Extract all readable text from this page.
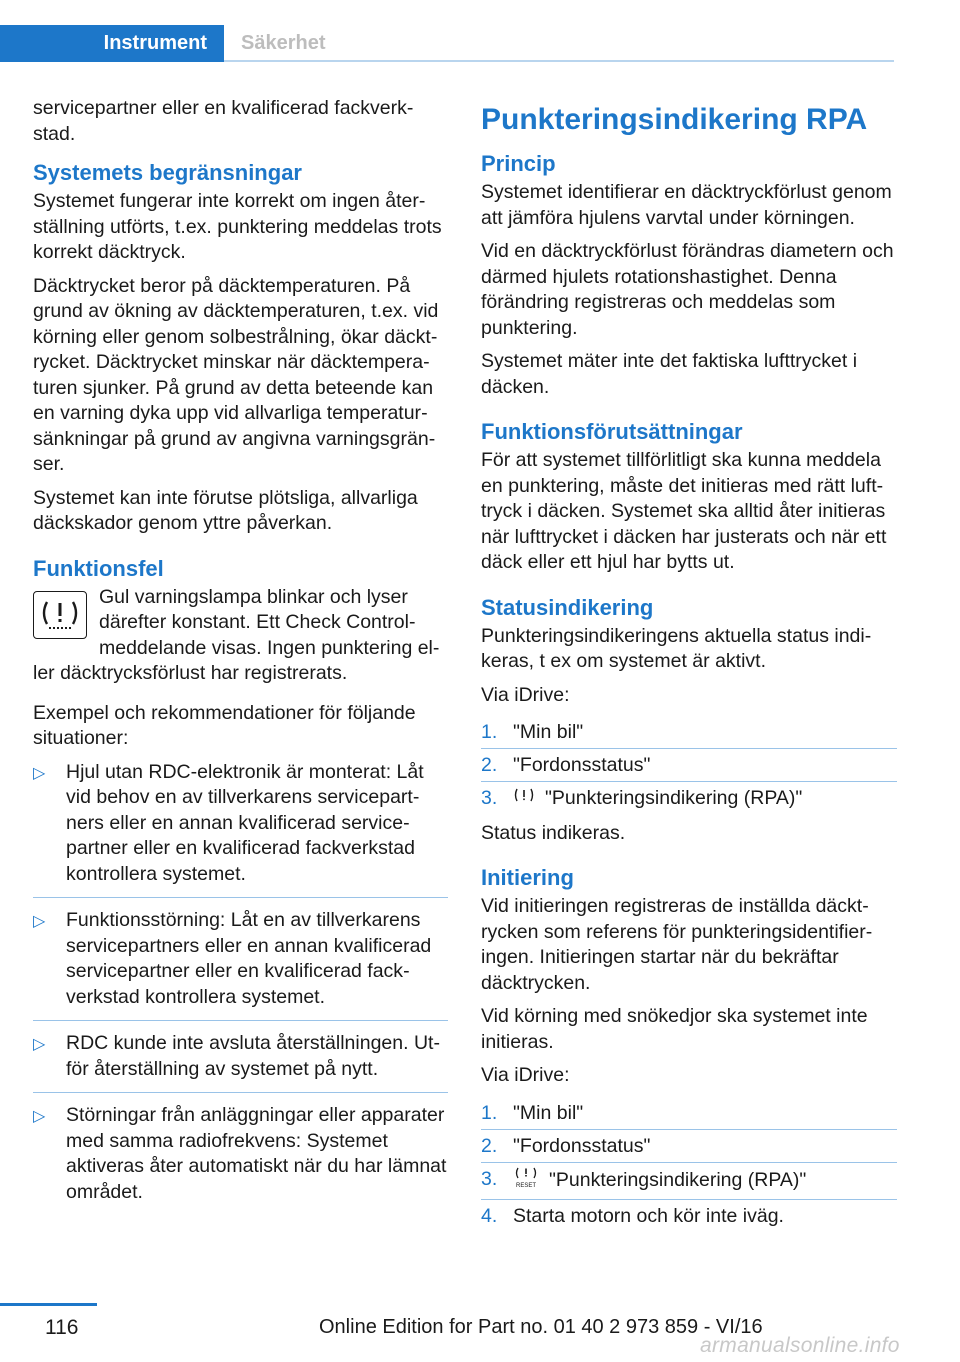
Instrument	Säkerhet

servicepartner eller en kvalificerad fackverkstad.

Systemets begränsningar

Systemet fungerar inte korrekt om ingen återställning utförts, t.ex. punktering meddelas trots korrekt däcktryck.

Däcktrycket beror på däcktemperaturen. På grund av ökning av däcktemperaturen, t.ex. vid körning eller genom solbestrålning, ökar däcktrycket. Däcktrycket minskar när däcktemperaturen sjunker. På grund av detta beteende kan en varning dyka upp vid allvarliga temperatursänkningar på grund av angivna varningsgränser.

Systemet kan inte förutse plötsliga, allvarliga däckskador genom yttre påverkan.

Funktionsfel

Gul varningslampa blinkar och lyser därefter konstant. Ett Check Control-meddelande visas. Ingen punktering eller däcktrycksförlust har registrerats.

Exempel och rekommendationer för följande situationer:

▷ Hjul utan RDC-elektronik är monterat: Låt vid behov en av tillverkarens servicepartners eller en annan kvalificerad servicepartner eller en kvalificerad fackverkstad kontrollera systemet.
▷ Funktionsstörning: Låt en av tillverkarens servicepartners eller en annan kvalificerad servicepartner eller en kvalificerad fackverkstad kontrollera systemet.
▷ RDC kunde inte avsluta återställningen. Utför återställning av systemet på nytt.
▷ Störningar från anläggningar eller apparater med samma radiofrekvens: Systemet aktiveras åter automatiskt när du har lämnat området.
Punkteringsindikering RPA
Princip

Systemet identifierar en däcktryckförlust genom att jämföra hjulens varvtal under körningen.

Vid en däcktryckförlust förändras diametern och därmed hjulets rotationshastighet. Denna förändring registreras och meddelas som punktering.

Systemet mäter inte det faktiska lufttrycket i däcken.

Funktionsförutsättningar

För att systemet tillförlitligt ska kunna meddela en punktering, måste det initieras med rätt lufttryck i däcken. Systemet ska alltid åter initieras när lufttrycket i däcken har justerats och när ett däck eller ett hjul har bytts ut.

Statusindikering

Punkteringsindikeringens aktuella status indikeras, t ex om systemet är aktivt.

Via iDrive:

1. "Min bil"
2. "Fordonsstatus"
3. "Punkteringsindikering (RPA)"

Status indikeras.

Initiering

Vid initieringen registreras de inställda däcktrycken som referens för punkteringsidentifieringen. Initieringen startar när du bekräftar däcktrycken.

Vid körning med snökedjor ska systemet inte initieras.

Via iDrive:

1. "Min bil"
2. "Fordonsstatus"
3.	RESET "Punkteringsindikering (RPA)"
4. Starta motorn och kör inte iväg.
116	Online Edition for Part no. 01 40 2 973 859 - VI/16
armanualsonline.info
